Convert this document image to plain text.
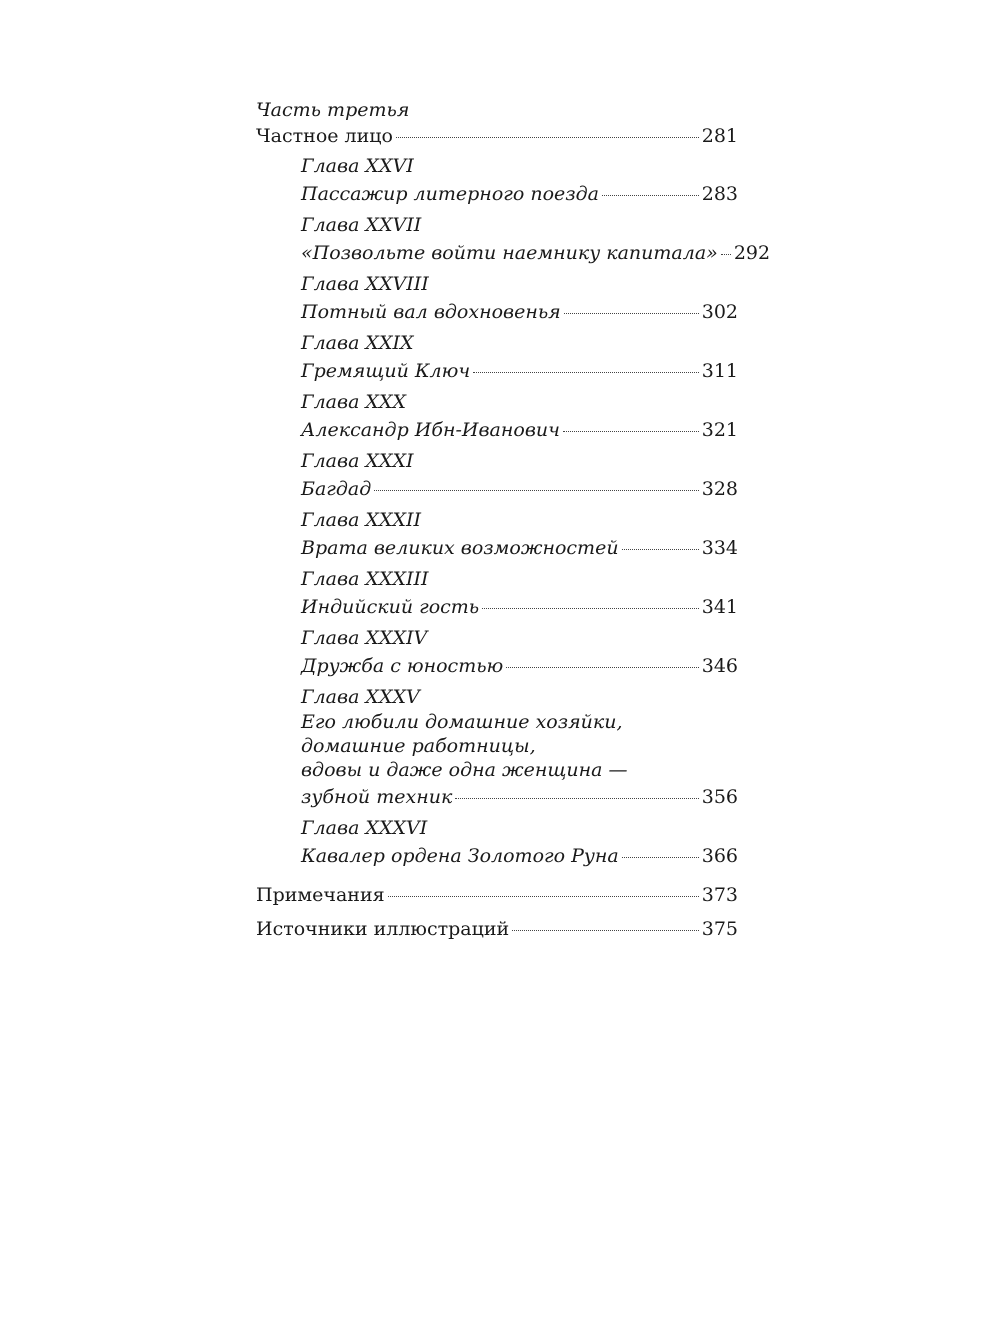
Часть третья
Частное лицо	281
Глава XXVI
Пассажир литерного поезда	283
Глава XXVII
«Позвольте войти наемнику капитала» 292
Глава XXVIII
Потный вал вдохновенья	302
Глава XXIX
Гремящий Ключ	311
Глава XXX
Александр Ибн-Иванович	321
Глава XXXI
Багдад	328
Глава XXXII
Врата великих возможностей	334
Глава XXXIII
Индийский гость	341
Глава XXXIV
Дружба с юностью	346
Глава XXXV
Его любили домашние хозяйки,
домашние работницы,
вдовы и даже одна женщина —
зубной техник	356
Глава XXXVI
Кавалер ордена Золотого Руна	366
Примечания	373
Источники иллюстраций	375
